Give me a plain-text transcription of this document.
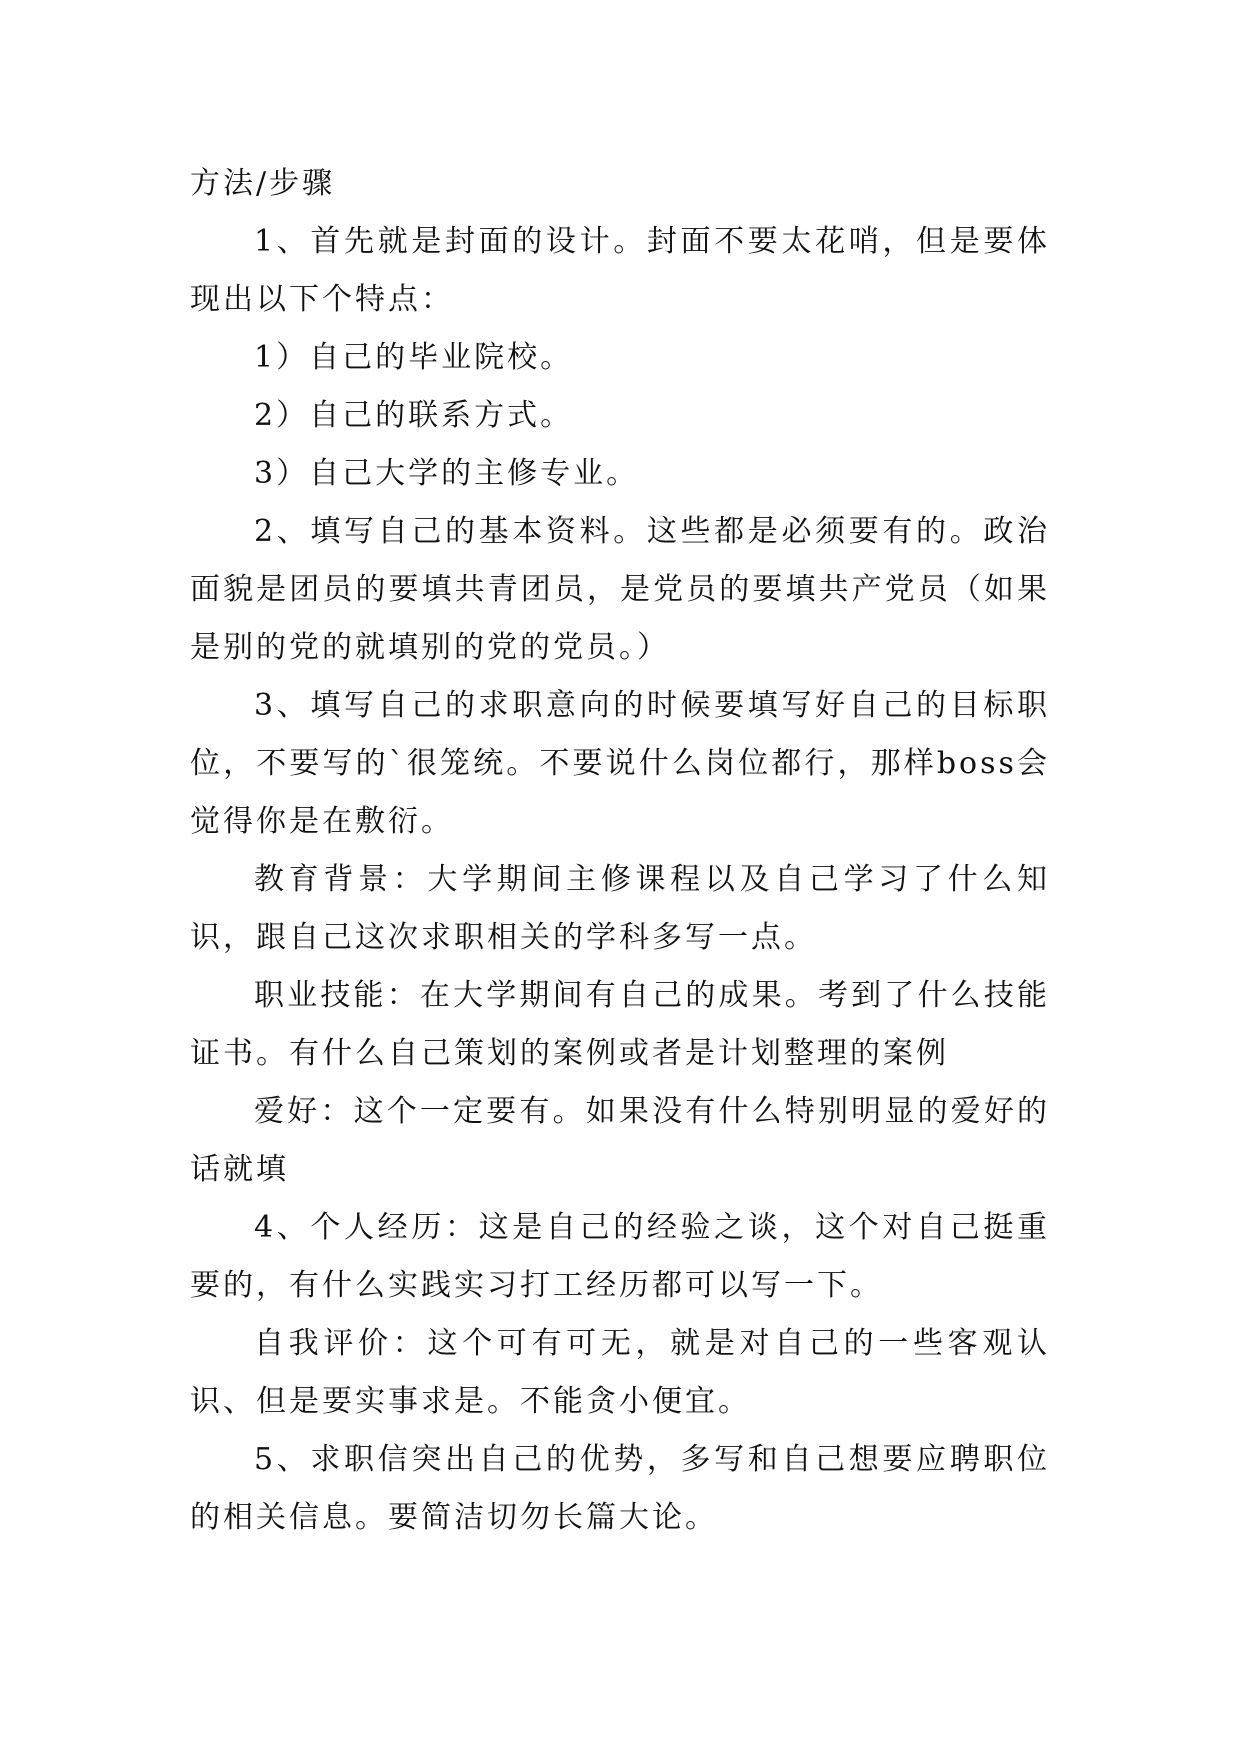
方法/步骤

1、首先就是封面的设计。封面不要太花哨，但是要体现出以下个特点：

1）自己的毕业院校。

2）自己的联系方式。

3）自己大学的主修专业。

2、填写自己的基本资料。这些都是必须要有的。政治面貌是团员的要填共青团员，是党员的要填共产党员（如果是别的党的就填别的党的党员。）

3、填写自己的求职意向的时候要填写好自己的目标职位，不要写的`很笼统。不要说什么岗位都行，那样boss会觉得你是在敷衍。

教育背景：大学期间主修课程以及自己学习了什么知识，跟自己这次求职相关的学科多写一点。

职业技能：在大学期间有自己的成果。考到了什么技能证书。有什么自己策划的案例或者是计划整理的案例

爱好：这个一定要有。如果没有什么特别明显的爱好的话就填

4、个人经历：这是自己的经验之谈，这个对自己挺重要的，有什么实践实习打工经历都可以写一下。

自我评价：这个可有可无，就是对自己的一些客观认识、但是要实事求是。不能贪小便宜。

5、求职信突出自己的优势，多写和自己想要应聘职位的相关信息。要简洁切勿长篇大论。
